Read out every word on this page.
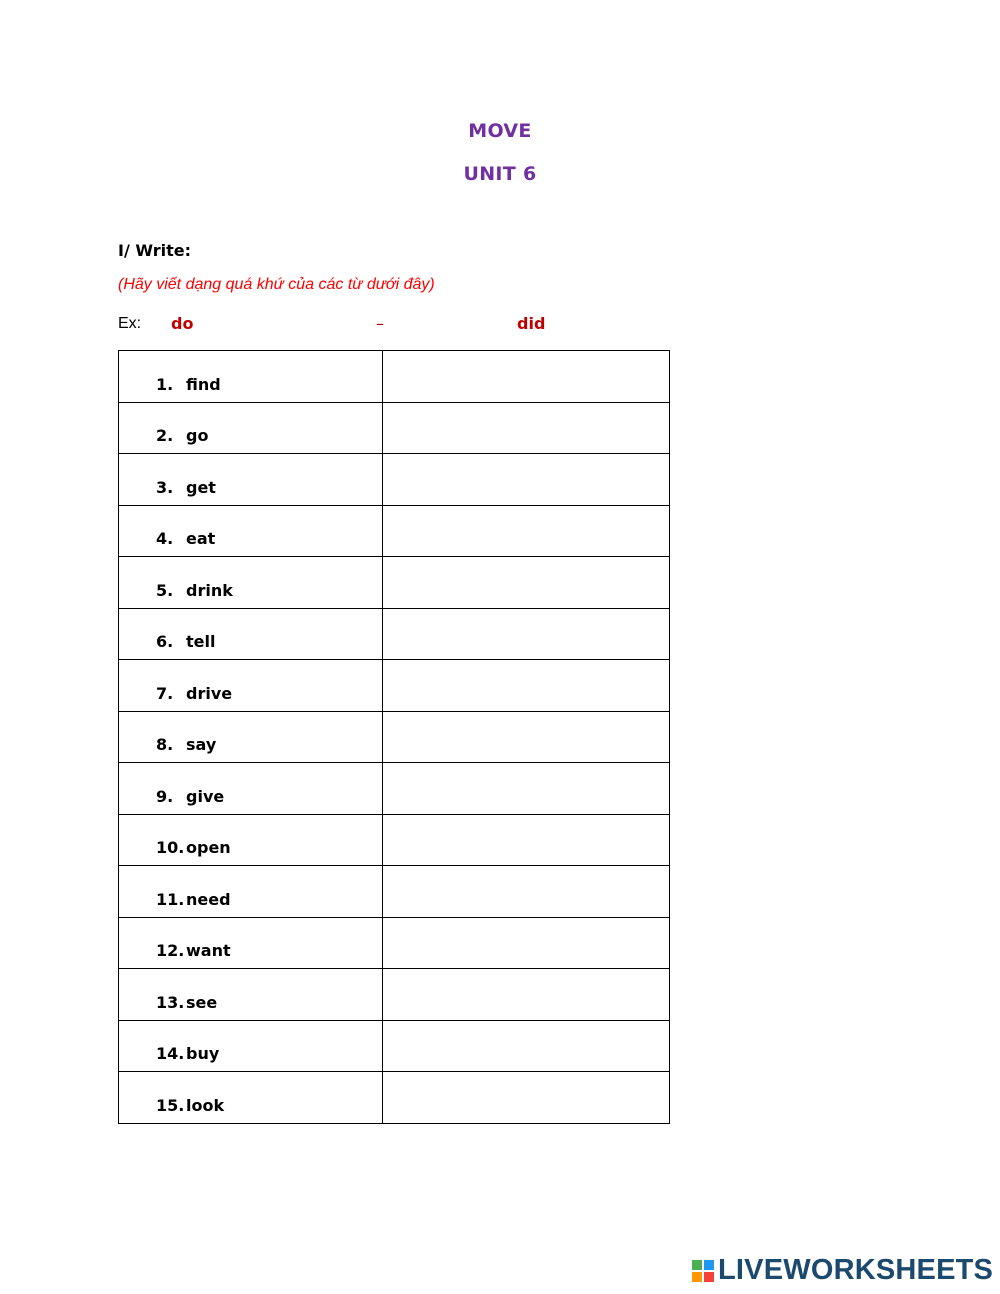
MOVE
UNIT 6
I/ Write:
(Hãy viết dạng quá khứ của các từ dưới đây)
Ex: do	–	did
1. find	

2. go	

3. get	

4. eat	

5. drink	

6. tell	

7. drive	

8. say	

9. give	

10. open	

11. need	

12. want	

13. see	

14. buy	

15. look	

LIVEWORKSHEETS
